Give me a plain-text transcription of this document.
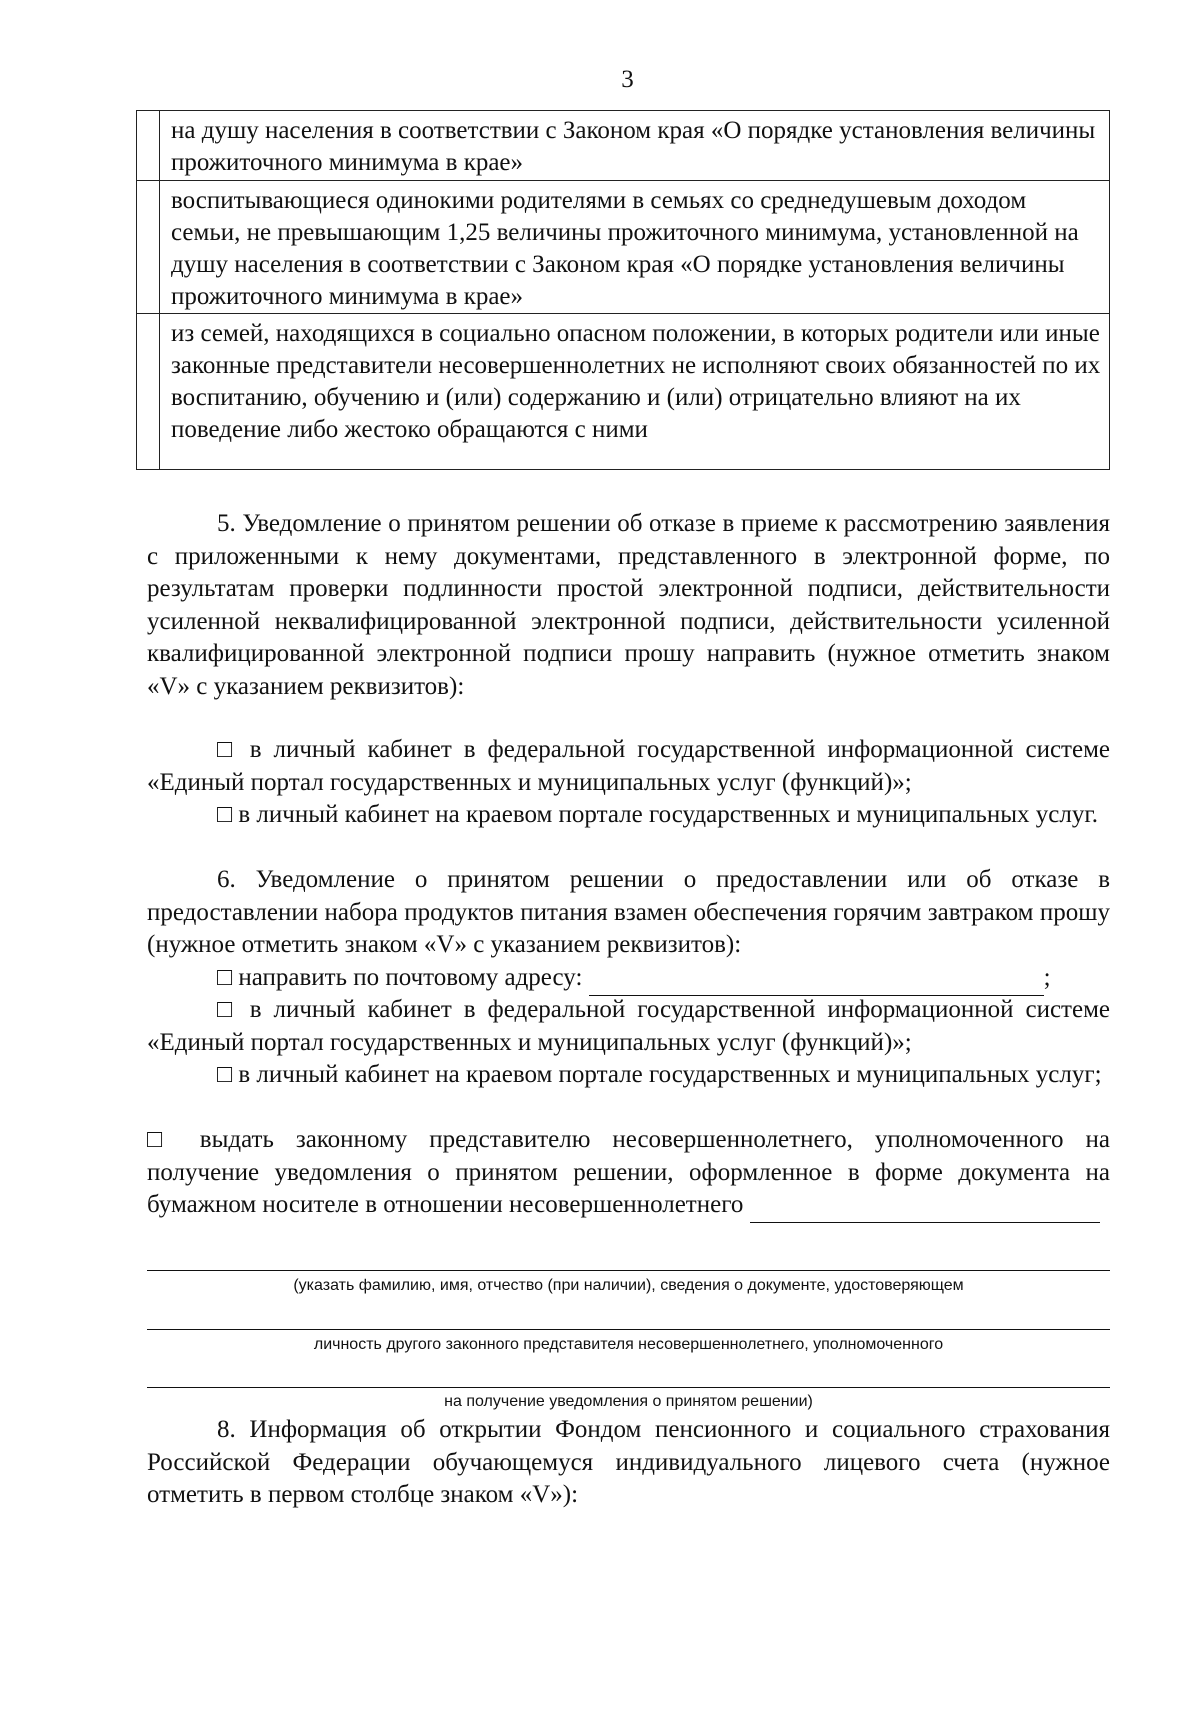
3
	на душу населения в соответствии с Законом края «О порядке установления величины прожиточного минимума в крае»
	воспитывающиеся одинокими родителями в семьях со среднедушевым доходом семьи, не превышающим 1,25 величины прожиточного минимума, установленной на душу населения в соответствии с Законом края «О порядке установления величины прожиточного минимума в крае»
	из семей, находящихся в социально опасном положении, в которых родители или иные законные представители несовершеннолетних не исполняют своих обязанностей по их воспитанию, обучению и (или) содержанию и (или) отрицательно влияют на их поведение либо жестоко обращаются с ними

5. Уведомление о принятом решении об отказе в приеме к рассмотрению заявления с приложенными к нему документами, представленного в электронной форме, по результатам проверки подлинности простой электронной подписи, действительности усиленной неквалифицированной электронной подписи, действительности усиленной квалифицированной электронной подписи прошу направить (нужное отметить знаком «V» с указанием реквизитов):

□ в личный кабинет в федеральной государственной информационной системе «Единый портал государственных и муниципальных услуг (функций)»;

□ в личный кабинет на краевом портале государственных и муниципальных услуг.

6. Уведомление о принятом решении о предоставлении или об отказе в предоставлении набора продуктов питания взамен обеспечения горячим завтраком прошу (нужное отметить знаком «V» с указанием реквизитов):

□ направить по почтовому адресу:	;

□ в личный кабинет в федеральной государственной информационной системе «Единый портал государственных и муниципальных услуг (функций)»;

□ в личный кабинет на краевом портале государственных и муниципальных услуг;

□ выдать законному представителю несовершеннолетнего, уполномоченного на получение уведомления о принятом решении, оформленное в форме документа на бумажном носителе в отношении несовершеннолетнего
(указать фамилию, имя, отчество (при наличии), сведения о документе, удостоверяющем
личность другого законного представителя несовершеннолетнего, уполномоченного
на получение уведомления о принятом решении)

8. Информация об открытии Фондом пенсионного и социального страхования Российской Федерации обучающемуся индивидуального лицевого счета (нужное отметить в первом столбце знаком «V»):
